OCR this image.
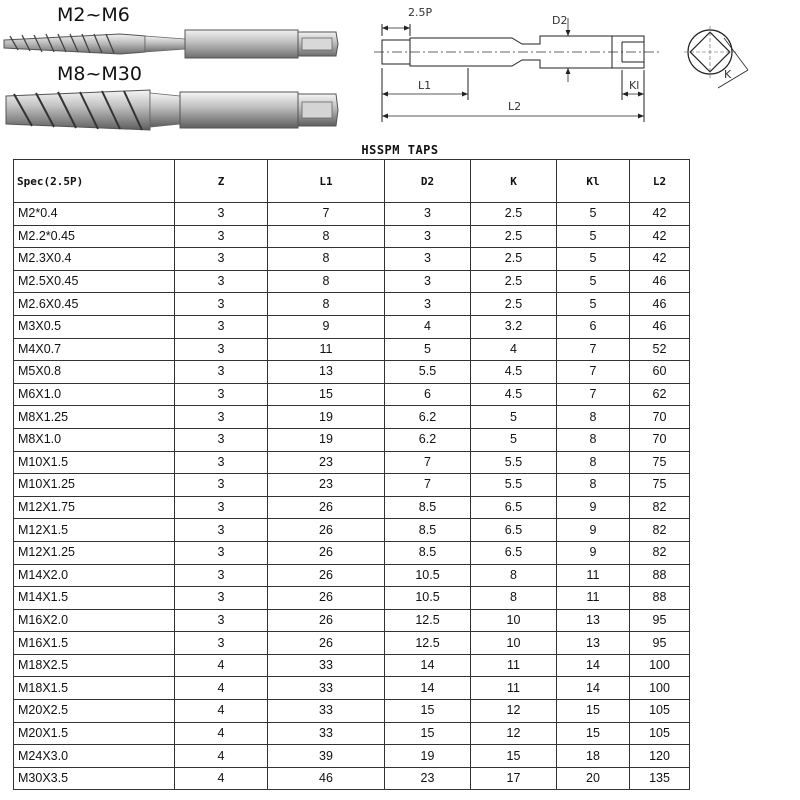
M2~M6
M8~M30
2.5P
D2
L1
L2
Kl
K
HSSPM TAPS
Spec(2.5P)	Z	L1	D2	K	Kl	L2
M2*0.4	3	7	3	2.5	5	42
M2.2*0.45	3	8	3	2.5	5	42
M2.3X0.4	3	8	3	2.5	5	42
M2.5X0.45	3	8	3	2.5	5	46
M2.6X0.45	3	8	3	2.5	5	46
M3X0.5	3	9	4	3.2	6	46
M4X0.7	3	11	5	4	7	52
M5X0.8	3	13	5.5	4.5	7	60
M6X1.0	3	15	6	4.5	7	62
M8X1.25	3	19	6.2	5	8	70
M8X1.0	3	19	6.2	5	8	70
M10X1.5	3	23	7	5.5	8	75
M10X1.25	3	23	7	5.5	8	75
M12X1.75	3	26	8.5	6.5	9	82
M12X1.5	3	26	8.5	6.5	9	82
M12X1.25	3	26	8.5	6.5	9	82
M14X2.0	3	26	10.5	8	11	88
M14X1.5	3	26	10.5	8	11	88
M16X2.0	3	26	12.5	10	13	95
M16X1.5	3	26	12.5	10	13	95
M18X2.5	4	33	14	11	14	100
M18X1.5	4	33	14	11	14	100
M20X2.5	4	33	15	12	15	105
M20X1.5	4	33	15	12	15	105
M24X3.0	4	39	19	15	18	120
M30X3.5	4	46	23	17	20	135
